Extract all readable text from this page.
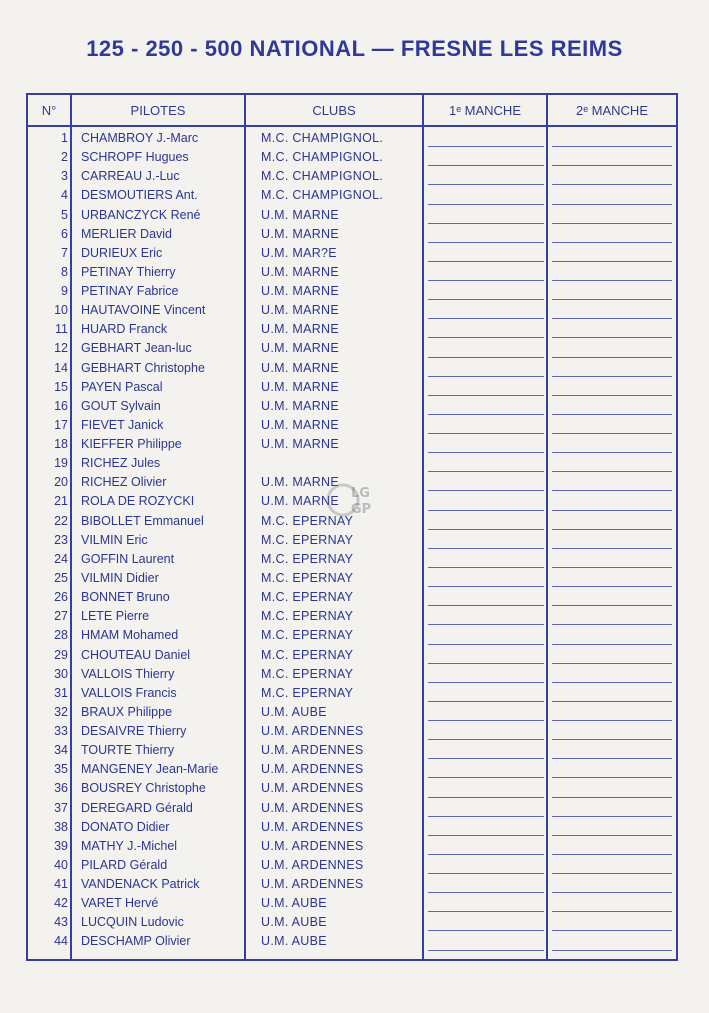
125 - 250 - 500 NATIONAL — FRESNE LES REIMS
N°	PILOTES	CLUBS	1ᵉ MANCHE	2ᵉ MANCHE
1 CHAMBROY J.-Marc	M.C. CHAMPIGNOL.
2 SCHROPF Hugues	M.C. CHAMPIGNOL.
3 CARREAU J.-Luc	M.C. CHAMPIGNOL.
4 DESMOUTIERS Ant.	M.C. CHAMPIGNOL.
5 URBANCZYCK René	U.M. MARNE
6 MERLIER David	U.M. MARNE
7 DURIEUX Eric	U.M. MAR?E
8 PETINAY Thierry	U.M. MARNE
9 PETINAY Fabrice	U.M. MARNE
10 HAUTAVOINE Vincent	U.M. MARNE
11 HUARD Franck	U.M. MARNE
12 GEBHART Jean-luc	U.M. MARNE
14 GEBHART Christophe	U.M. MARNE
15 PAYEN Pascal	U.M. MARNE
16 GOUT Sylvain	U.M. MARNE
17 FIEVET Janick	U.M. MARNE
18 KIEFFER Philippe	U.M. MARNE
19 RICHEZ Jules
20 RICHEZ Olivier	U.M. MARNE
21 ROLA DE ROZYCKI	U.M. MARNE
22 BIBOLLET Emmanuel	M.C. EPERNAY
23 VILMIN Eric	M.C. EPERNAY
24 GOFFIN Laurent	M.C. EPERNAY
25 VILMIN Didier	M.C. EPERNAY
26 BONNET Bruno	M.C. EPERNAY
27 LETE Pierre	M.C. EPERNAY
28 HMAM Mohamed	M.C. EPERNAY
29 CHOUTEAU Daniel	M.C. EPERNAY
30 VALLOIS Thierry	M.C. EPERNAY
31 VALLOIS Francis	M.C. EPERNAY
32 BRAUX Philippe	U.M. AUBE
33 DESAIVRE Thierry	U.M. ARDENNES
34 TOURTE Thierry	U.M. ARDENNES
35 MANGENEY Jean-Marie	U.M. ARDENNES
36 BOUSREY Christophe	U.M. ARDENNES
37 DEREGARD Gérald	U.M. ARDENNES
38 DONATO Didier	U.M. ARDENNES
39 MATHY J.-Michel	U.M. ARDENNES
40 PILARD Gérald	U.M. ARDENNES
41 VANDENACK Patrick	U.M. ARDENNES
42 VARET Hervé	U.M. AUBE
43 LUCQUIN Ludovic	U.M. AUBE
44 DESCHAMP Olivier	U.M. AUBE
LG
GP
